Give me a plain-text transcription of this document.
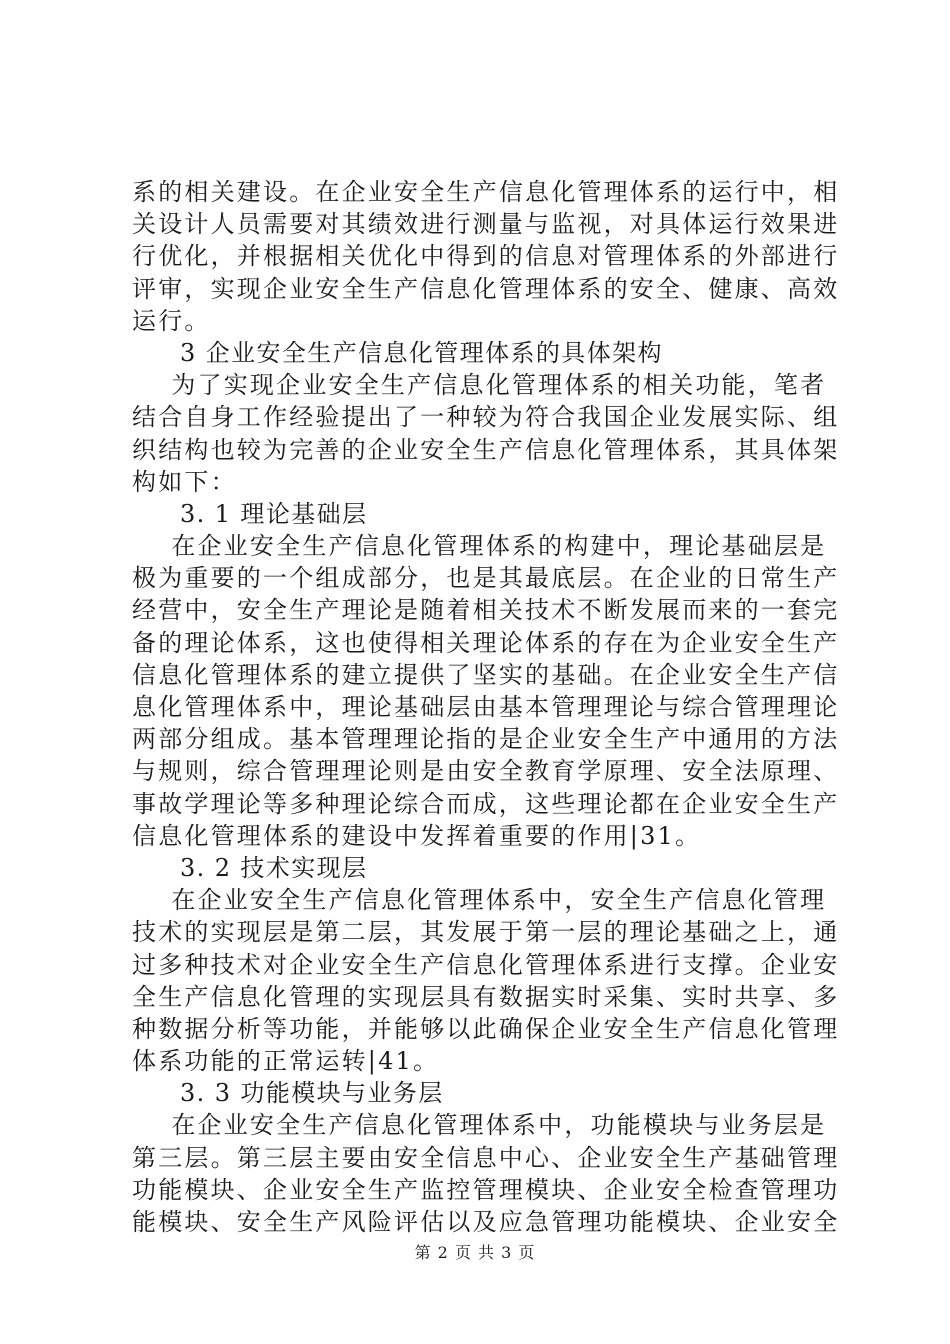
系的相关建设。在企业安全生产信息化管理体系的运行中，相
关设计人员需要对其绩效进行测量与监视，对具体运行效果进
行优化，并根据相关优化中得到的信息对管理体系的外部进行
评审，实现企业安全生产信息化管理体系的安全、健康、高效
运行。
3 企业安全生产信息化管理体系的具体架构
为了实现企业安全生产信息化管理体系的相关功能，笔者
结合自身工作经验提出了一种较为符合我国企业发展实际、组
织结构也较为完善的企业安全生产信息化管理体系，其具体架
构如下：
3. 1 理论基础层
在企业安全生产信息化管理体系的构建中，理论基础层是
极为重要的一个组成部分，也是其最底层。在企业的日常生产
经营中，安全生产理论是随着相关技术不断发展而来的一套完
备的理论体系，这也使得相关理论体系的存在为企业安全生产
信息化管理体系的建立提供了坚实的基础。在企业安全生产信
息化管理体系中，理论基础层由基本管理理论与综合管理理论
两部分组成。基本管理理论指的是企业安全生产中通用的方法
与规则，综合管理理论则是由安全教育学原理、安全法原理、
事故学理论等多种理论综合而成，这些理论都在企业安全生产
信息化管理体系的建设中发挥着重要的作用|31。
3. 2 技术实现层
在企业安全生产信息化管理体系中，安全生产信息化管理
技术的实现层是第二层，其发展于第一层的理论基础之上，通
过多种技术对企业安全生产信息化管理体系进行支撑。企业安
全生产信息化管理的实现层具有数据实时采集、实时共享、多
种数据分析等功能，并能够以此确保企业安全生产信息化管理
体系功能的正常运转|41。
3. 3 功能模块与业务层
在企业安全生产信息化管理体系中，功能模块与业务层是
第三层。第三层主要由安全信息中心、企业安全生产基础管理
功能模块、企业安全生产监控管理模块、企业安全检查管理功
能模块、安全生产风险评估以及应急管理功能模块、企业安全
第 2 页 共 3 页
